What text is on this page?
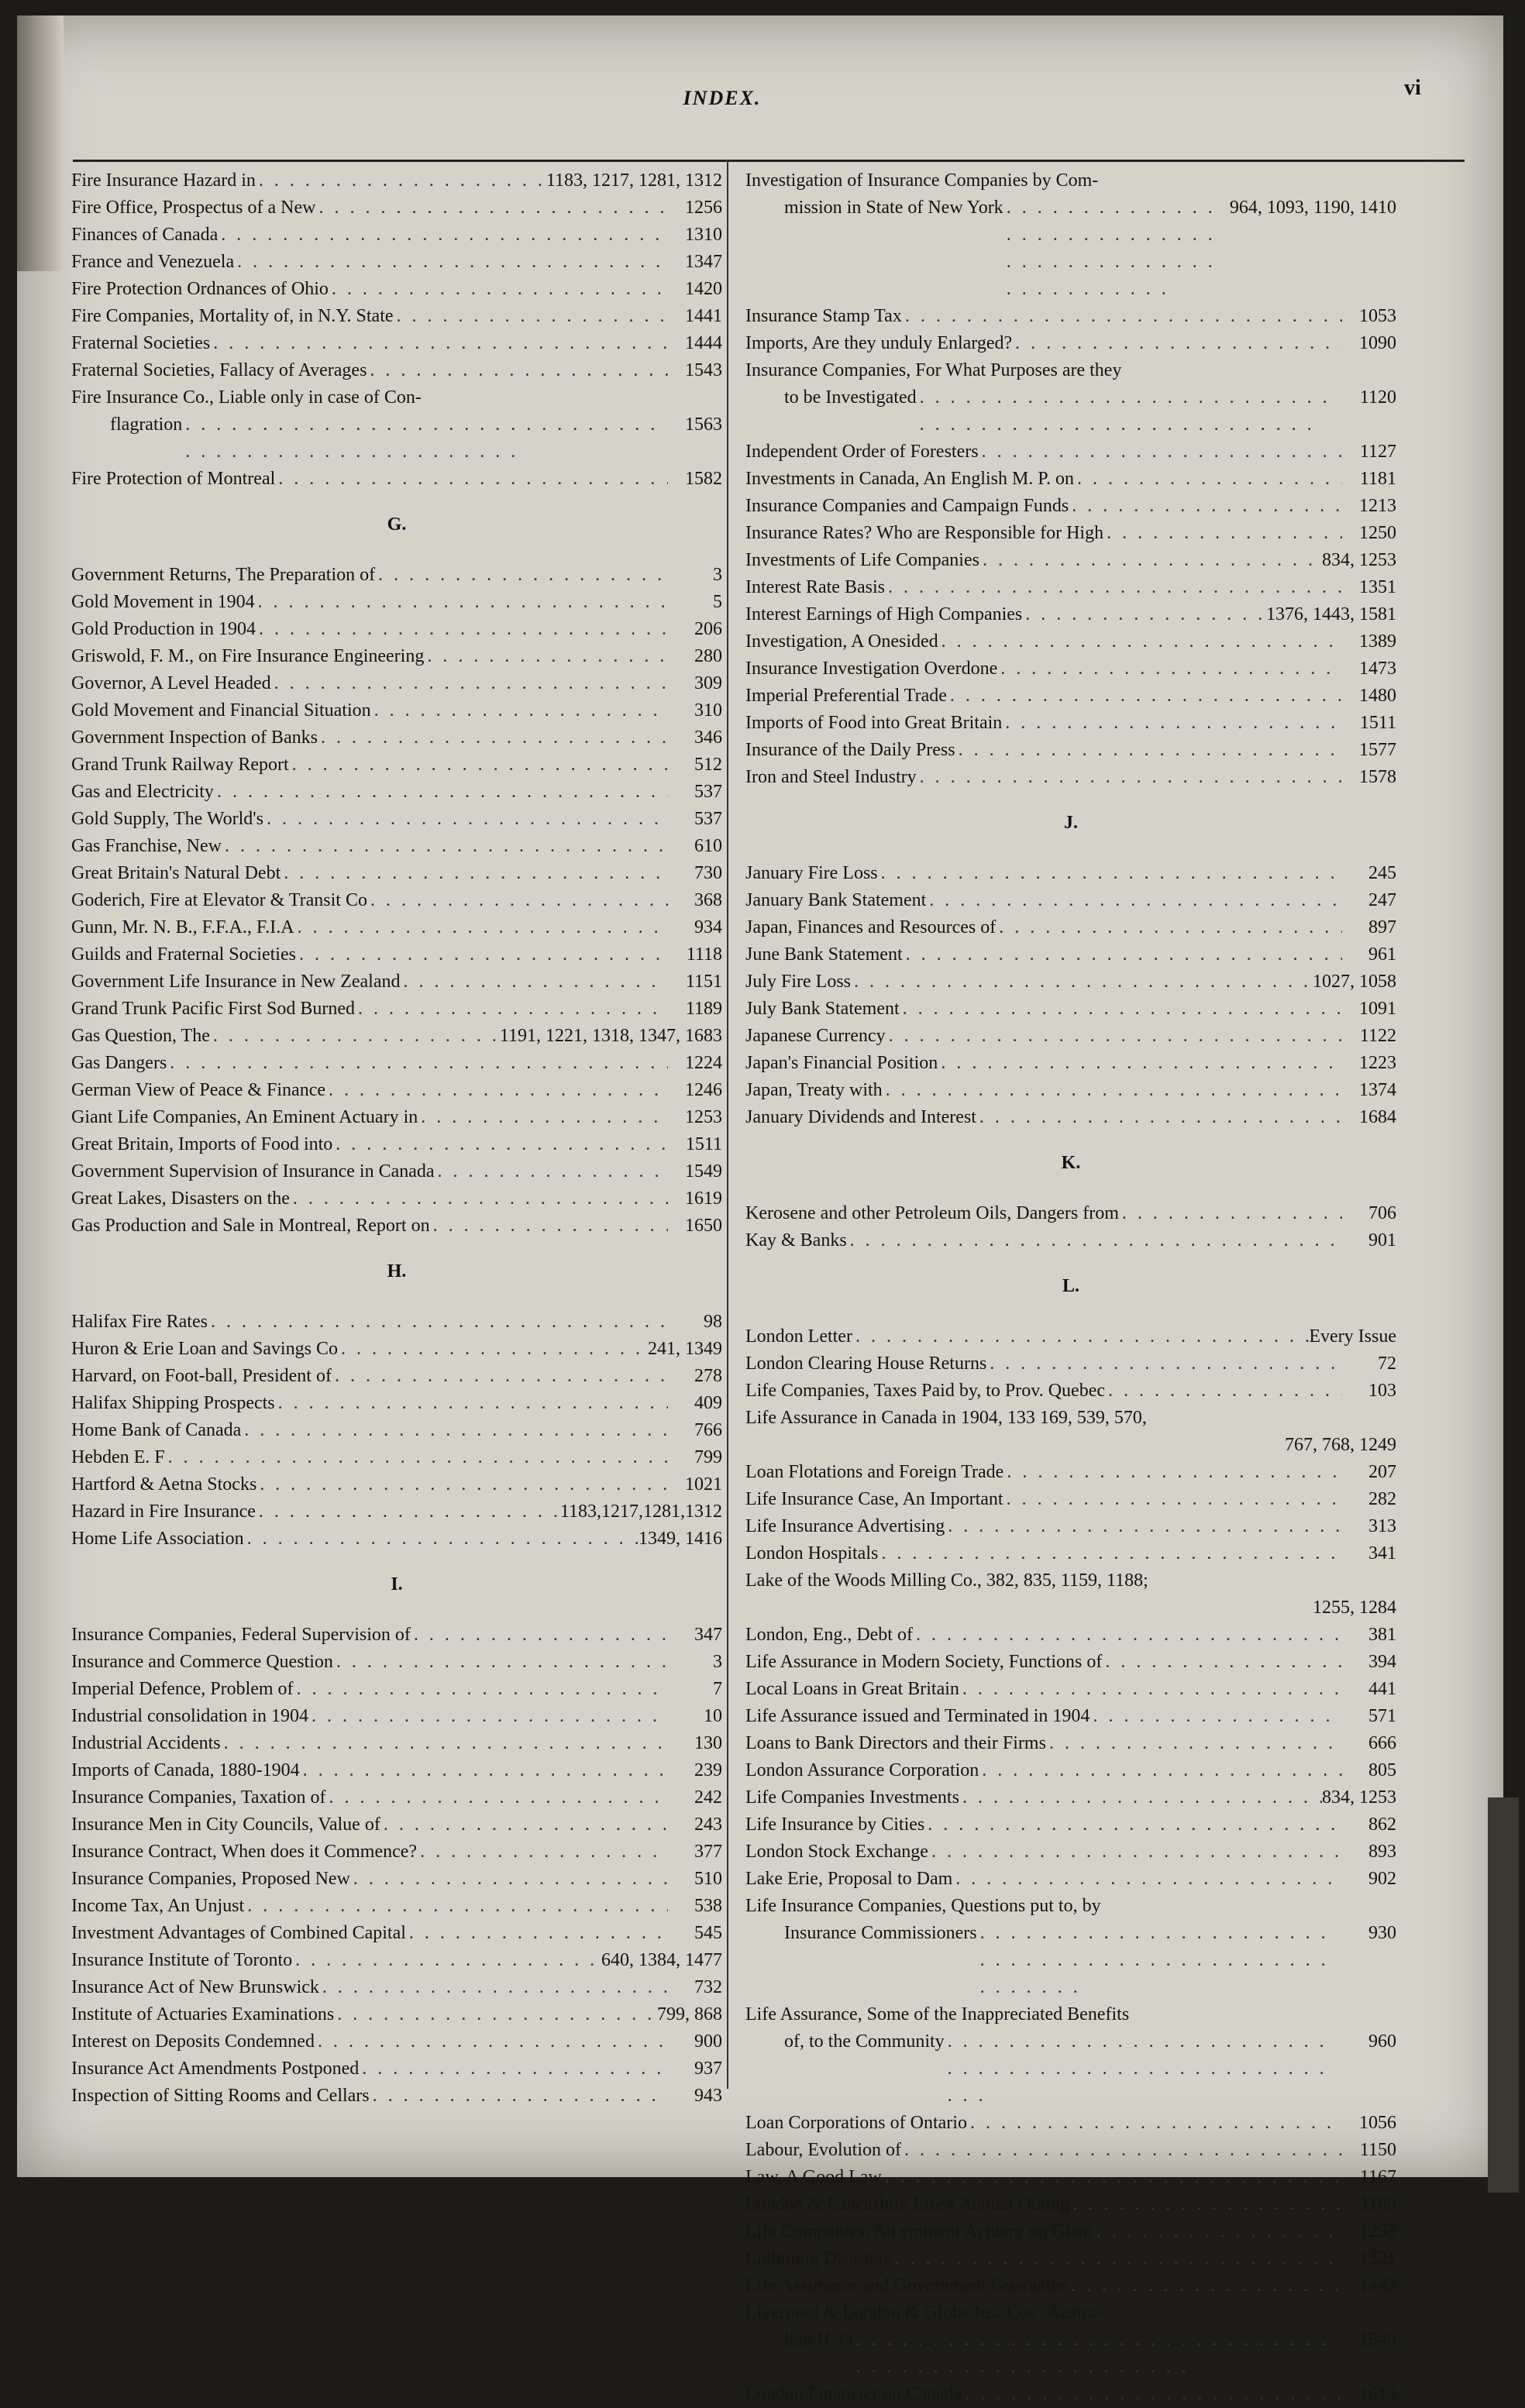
INDEX.	vi
Fire Insurance Hazard in . . .	1183, 1217, 1281, 1312
Fire Office, Prospectus of a New . . .	1256
Finances of Canada . . .	1310
France and Venezuela . . .	1347
Fire Protection Ordnances of Ohio . . .	1420
Fire Companies, Mortality of, in N.Y. State . . .	1441
Fraternal Societies . . .	1444
Fraternal Societies, Fallacy of Averages . . .	1543
Fire Insurance Co., Liable only in case of Con-
flagration . . .	1563
Fire Protection of Montreal . . .	1582
G.
Government Returns, The Preparation of . . .	3
Gold Movement in 1904 . . .	5
Gold Production in 1904 . . .	206
Griswold, F. M., on Fire Insurance Engineering . . .	280
Governor, A Level Headed . . .	309
Gold Movement and Financial Situation . . .	310
Government Inspection of Banks . . .	346
Grand Trunk Railway Report . . .	512
Gas and Electricity . . .	537
Gold Supply, The World's . . .	537
Gas Franchise, New . . .	610
Great Britain's Natural Debt . . .	730
Goderich, Fire at Elevator & Transit Co . . .	368
Gunn, Mr. N. B., F.F.A., F.I.A . . .	934
Guilds and Fraternal Societies . . .	1118
Government Life Insurance in New Zealand . . .	1151
Grand Trunk Pacific First Sod Burned . . .	1189
Gas Question, The . . .	1191, 1221, 1318, 1347, 1683
Gas Dangers . . .	1224
German View of Peace & Finance . . .	1246
Giant Life Companies, An Eminent Actuary in . . .	1253
Great Britain, Imports of Food into . . .	1511
Government Supervision of Insurance in Canada . . .	1549
Great Lakes, Disasters on the . . .	1619
Gas Production and Sale in Montreal, Report on . . .	1650
H.
Halifax Fire Rates . . .	98
Huron & Erie Loan and Savings Co . . .	241, 1349
Harvard, on Foot-ball, President of . . .	278
Halifax Shipping Prospects . . .	409
Home Bank of Canada . . .	766
Hebden E. F . . .	799
Hartford & Aetna Stocks . . .	1021
Hazard in Fire Insurance . . .	1183,1217,1281,1312
Home Life Association . . .	1349, 1416
I.
Insurance Companies, Federal Supervision of . . .	347
Insurance and Commerce Question . . .	3
Imperial Defence, Problem of . . .	7
Industrial consolidation in 1904 . . .	10
Industrial Accidents . . .	130
Imports of Canada, 1880-1904 . . .	239
Insurance Companies, Taxation of . . .	242
Insurance Men in City Councils, Value of . . .	243
Insurance Contract, When does it Commence? . . .	377
Insurance Companies, Proposed New . . .	510
Income Tax, An Unjust . . .	538
Investment Advantages of Combined Capital . . .	545
Insurance Institute of Toronto . . .	640, 1384, 1477
Insurance Act of New Brunswick . . .	732
Institute of Actuaries Examinations . . .	799, 868
Interest on Deposits Condemned . . .	900
Insurance Act Amendments Postponed . . .	937
Inspection of Sitting Rooms and Cellars . . .	943
Investigation of Insurance Companies by Com-
mission in State of New York . . .	964, 1093, 1190, 1410
Insurance Stamp Tax . . .	1053
Imports, Are they unduly Enlarged? . . .	1090
Insurance Companies, For What Purposes are they
to be Investigated . . .	1120
Independent Order of Foresters . . .	1127
Investments in Canada, An English M. P. on . . .	1181
Insurance Companies and Campaign Funds . . .	1213
Insurance Rates? Who are Responsible for High . . .	1250
Investments of Life Companies . . .	834, 1253
Interest Rate Basis . . .	1351
Interest Earnings of High Companies . . .	1376, 1443, 1581
Investigation, A Onesided . . .	1389
Insurance Investigation Overdone . . .	1473
Imperial Preferential Trade . . .	1480
Imports of Food into Great Britain . . .	1511
Insurance of the Daily Press . . .	1577
Iron and Steel Industry . . .	1578
J.
January Fire Loss . . .	245
January Bank Statement . . .	247
Japan, Finances and Resources of . . .	897
June Bank Statement . . .	961
July Fire Loss . . .	1027, 1058
July Bank Statement . . .	1091
Japanese Currency . . .	1122
Japan's Financial Position . . .	1223
Japan, Treaty with . . .	1374
January Dividends and Interest . . .	1684
K.
Kerosene and other Petroleum Oils, Dangers from . . .	706
Kay & Banks . . .	901
L.
London Letter . . .	Every Issue
London Clearing House Returns . . .	72
Life Companies, Taxes Paid by, to Prov. Quebec . . .	103
Life Assurance in Canada in 1904, 133 169, 539, 570,
767, 768, 1249
Loan Flotations and Foreign Trade . . .	207
Life Insurance Case, An Important . . .	282
Life Insurance Advertising . . .	313
London Hospitals . . .	341
Lake of the Woods Milling Co., 382, 835, 1159, 1188;
1255, 1284
London, Eng., Debt of . . .	381
Life Assurance in Modern Society, Functions of . . .	394
Local Loans in Great Britain . . .	441
Life Assurance issued and Terminated in 1904 . . .	571
Loans to Bank Directors and their Firms . . .	666
London Assurance Corporation . . .	805
Life Companies Investments . . .	834, 1253
Life Insurance by Cities . . .	862
London Stock Exchange . . .	893
Lake Erie, Proposal to Dam . . .	902
Life Insurance Companies, Questions put to, by
Insurance Commissioners . . .	930
Life Assurance, Some of the Inappreciated Benefits
of, to the Community . . .	960
Loan Corporations of Ontario . . .	1056
Labour, Evolution of . . .	1150
Law, A Good Law . . .	1167
London & Lancashire Life's Annual Outing . . .	1188
Life Companies, An eminent Actuary on Giant . . .	1253
Lightning Disasters . . .	1321
Life Assurance and Government Guarantee . . .	1442
Liverpool & London & Globe Ins. Cos'. Austra-
lian H. O . . .	1548
London Financier on Canada . . .	1613
